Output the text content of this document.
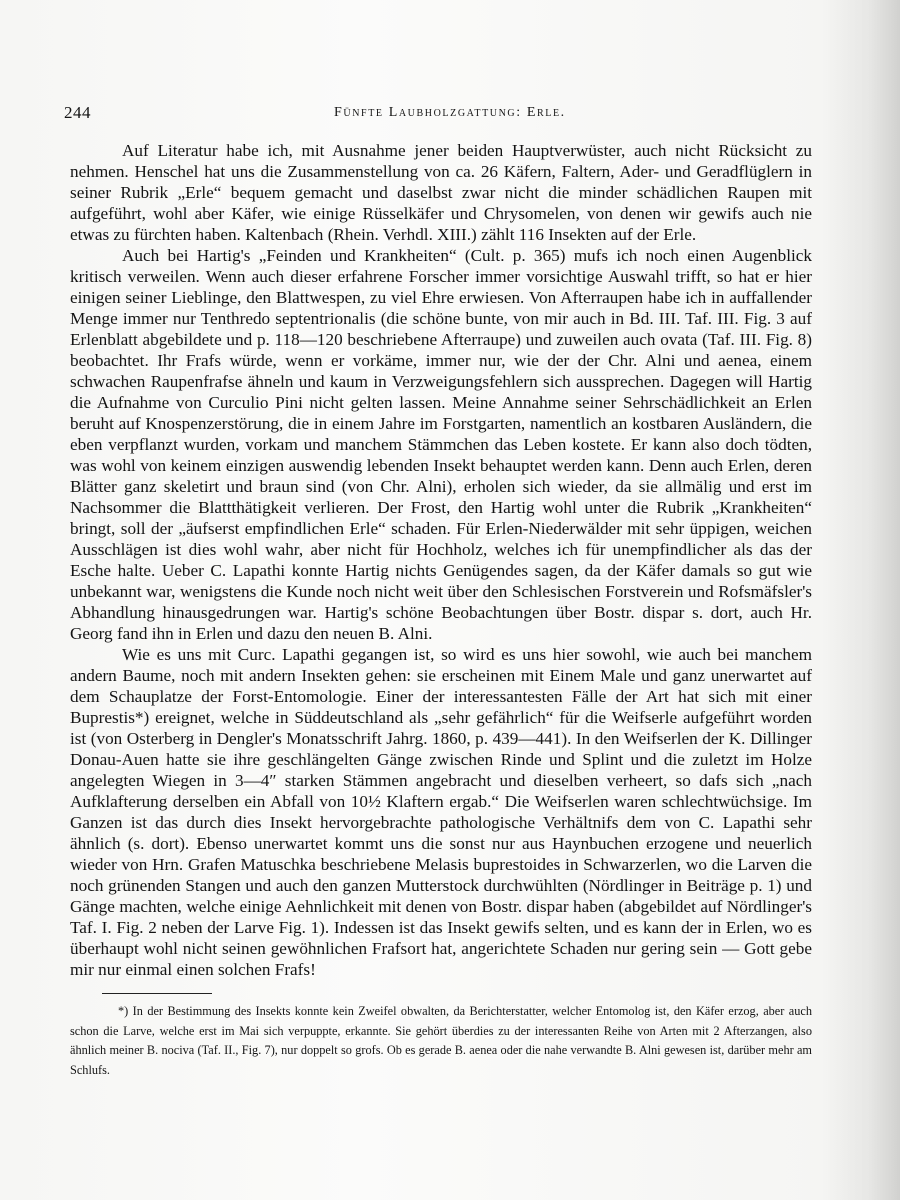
244	Fünfte Laubholzgattung: Erle.

Auf Literatur habe ich, mit Ausnahme jener beiden Hauptverwüster, auch nicht Rücksicht zu nehmen. Henschel hat uns die Zusammenstellung von ca. 26 Käfern, Faltern, Ader- und Geradflüglern in seiner Rubrik „Erle“ bequem gemacht und daselbst zwar nicht die minder schädlichen Raupen mit aufgeführt, wohl aber Käfer, wie einige Rüsselkäfer und Chrysomelen, von denen wir gewifs auch nie etwas zu fürchten haben. Kaltenbach (Rhein. Verhdl. XIII.) zählt 116 Insekten auf der Erle.

Auch bei Hartig's „Feinden und Krankheiten“ (Cult. p. 365) mufs ich noch einen Augenblick kritisch verweilen. Wenn auch dieser erfahrene Forscher immer vorsichtige Auswahl trifft, so hat er hier einigen seiner Lieblinge, den Blattwespen, zu viel Ehre erwiesen. Von Afterraupen habe ich in auffallender Menge immer nur Tenthredo septentrionalis (die schöne bunte, von mir auch in Bd. III. Taf. III. Fig. 3 auf Erlenblatt abgebildete und p. 118—120 beschriebene Afterraupe) und zuweilen auch ovata (Taf. III. Fig. 8) beobachtet. Ihr Frafs würde, wenn er vorkäme, immer nur, wie der der Chr. Alni und aenea, einem schwachen Raupenfrafse ähneln und kaum in Verzweigungsfehlern sich aussprechen. Dagegen will Hartig die Aufnahme von Curculio Pini nicht gelten lassen. Meine Annahme seiner Sehrschädlichkeit an Erlen beruht auf Knospenzerstörung, die in einem Jahre im Forstgarten, namentlich an kostbaren Ausländern, die eben verpflanzt wurden, vorkam und manchem Stämmchen das Leben kostete. Er kann also doch tödten, was wohl von keinem einzigen auswendig lebenden Insekt behauptet werden kann. Denn auch Erlen, deren Blätter ganz skeletirt und braun sind (von Chr. Alni), erholen sich wieder, da sie allmälig und erst im Nachsommer die Blattthätigkeit verlieren. Der Frost, den Hartig wohl unter die Rubrik „Krankheiten“ bringt, soll der „äufserst empfindlichen Erle“ schaden. Für Erlen-Niederwälder mit sehr üppigen, weichen Ausschlägen ist dies wohl wahr, aber nicht für Hochholz, welches ich für unempfindlicher als das der Esche halte. Ueber C. Lapathi konnte Hartig nichts Genügendes sagen, da der Käfer damals so gut wie unbekannt war, wenigstens die Kunde noch nicht weit über den Schlesischen Forstverein und Rofsmäfsler's Abhandlung hinausgedrungen war. Hartig's schöne Beobachtungen über Bostr. dispar s. dort, auch Hr. Georg fand ihn in Erlen und dazu den neuen B. Alni.

Wie es uns mit Curc. Lapathi gegangen ist, so wird es uns hier sowohl, wie auch bei manchem andern Baume, noch mit andern Insekten gehen: sie erscheinen mit Einem Male und ganz unerwartet auf dem Schauplatze der Forst-Entomologie. Einer der interessantesten Fälle der Art hat sich mit einer Buprestis*) ereignet, welche in Süddeutschland als „sehr gefährlich“ für die Weifserle aufgeführt worden ist (von Osterberg in Dengler's Monatsschrift Jahrg. 1860, p. 439—441). In den Weifserlen der K. Dillinger Donau-Auen hatte sie ihre geschlängelten Gänge zwischen Rinde und Splint und die zuletzt im Holze angelegten Wiegen in 3—4″ starken Stämmen angebracht und dieselben verheert, so dafs sich „nach Aufklafterung derselben ein Abfall von 10½ Klaftern ergab.“ Die Weifserlen waren schlechtwüchsige. Im Ganzen ist das durch dies Insekt hervorgebrachte pathologische Verhältnifs dem von C. Lapathi sehr ähnlich (s. dort). Ebenso unerwartet kommt uns die sonst nur aus Haynbuchen erzogene und neuerlich wieder von Hrn. Grafen Matuschka beschriebene Melasis buprestoides in Schwarzerlen, wo die Larven die noch grünenden Stangen und auch den ganzen Mutterstock durchwühlten (Nördlinger in Beiträge p. 1) und Gänge machten, welche einige Aehnlichkeit mit denen von Bostr. dispar haben (abgebildet auf Nördlinger's Taf. I. Fig. 2 neben der Larve Fig. 1). Indessen ist das Insekt gewifs selten, und es kann der in Erlen, wo es überhaupt wohl nicht seinen gewöhnlichen Frafsort hat, angerichtete Schaden nur gering sein — Gott gebe mir nur einmal einen solchen Frafs!

*) In der Bestimmung des Insekts konnte kein Zweifel obwalten, da Berichterstatter, welcher Entomolog ist, den Käfer erzog, aber auch schon die Larve, welche erst im Mai sich verpuppte, erkannte. Sie gehört überdies zu der interessanten Reihe von Arten mit 2 Afterzangen, also ähnlich meiner B. nociva (Taf. II., Fig. 7), nur doppelt so grofs. Ob es gerade B. aenea oder die nahe verwandte B. Alni gewesen ist, darüber mehr am Schlufs.
